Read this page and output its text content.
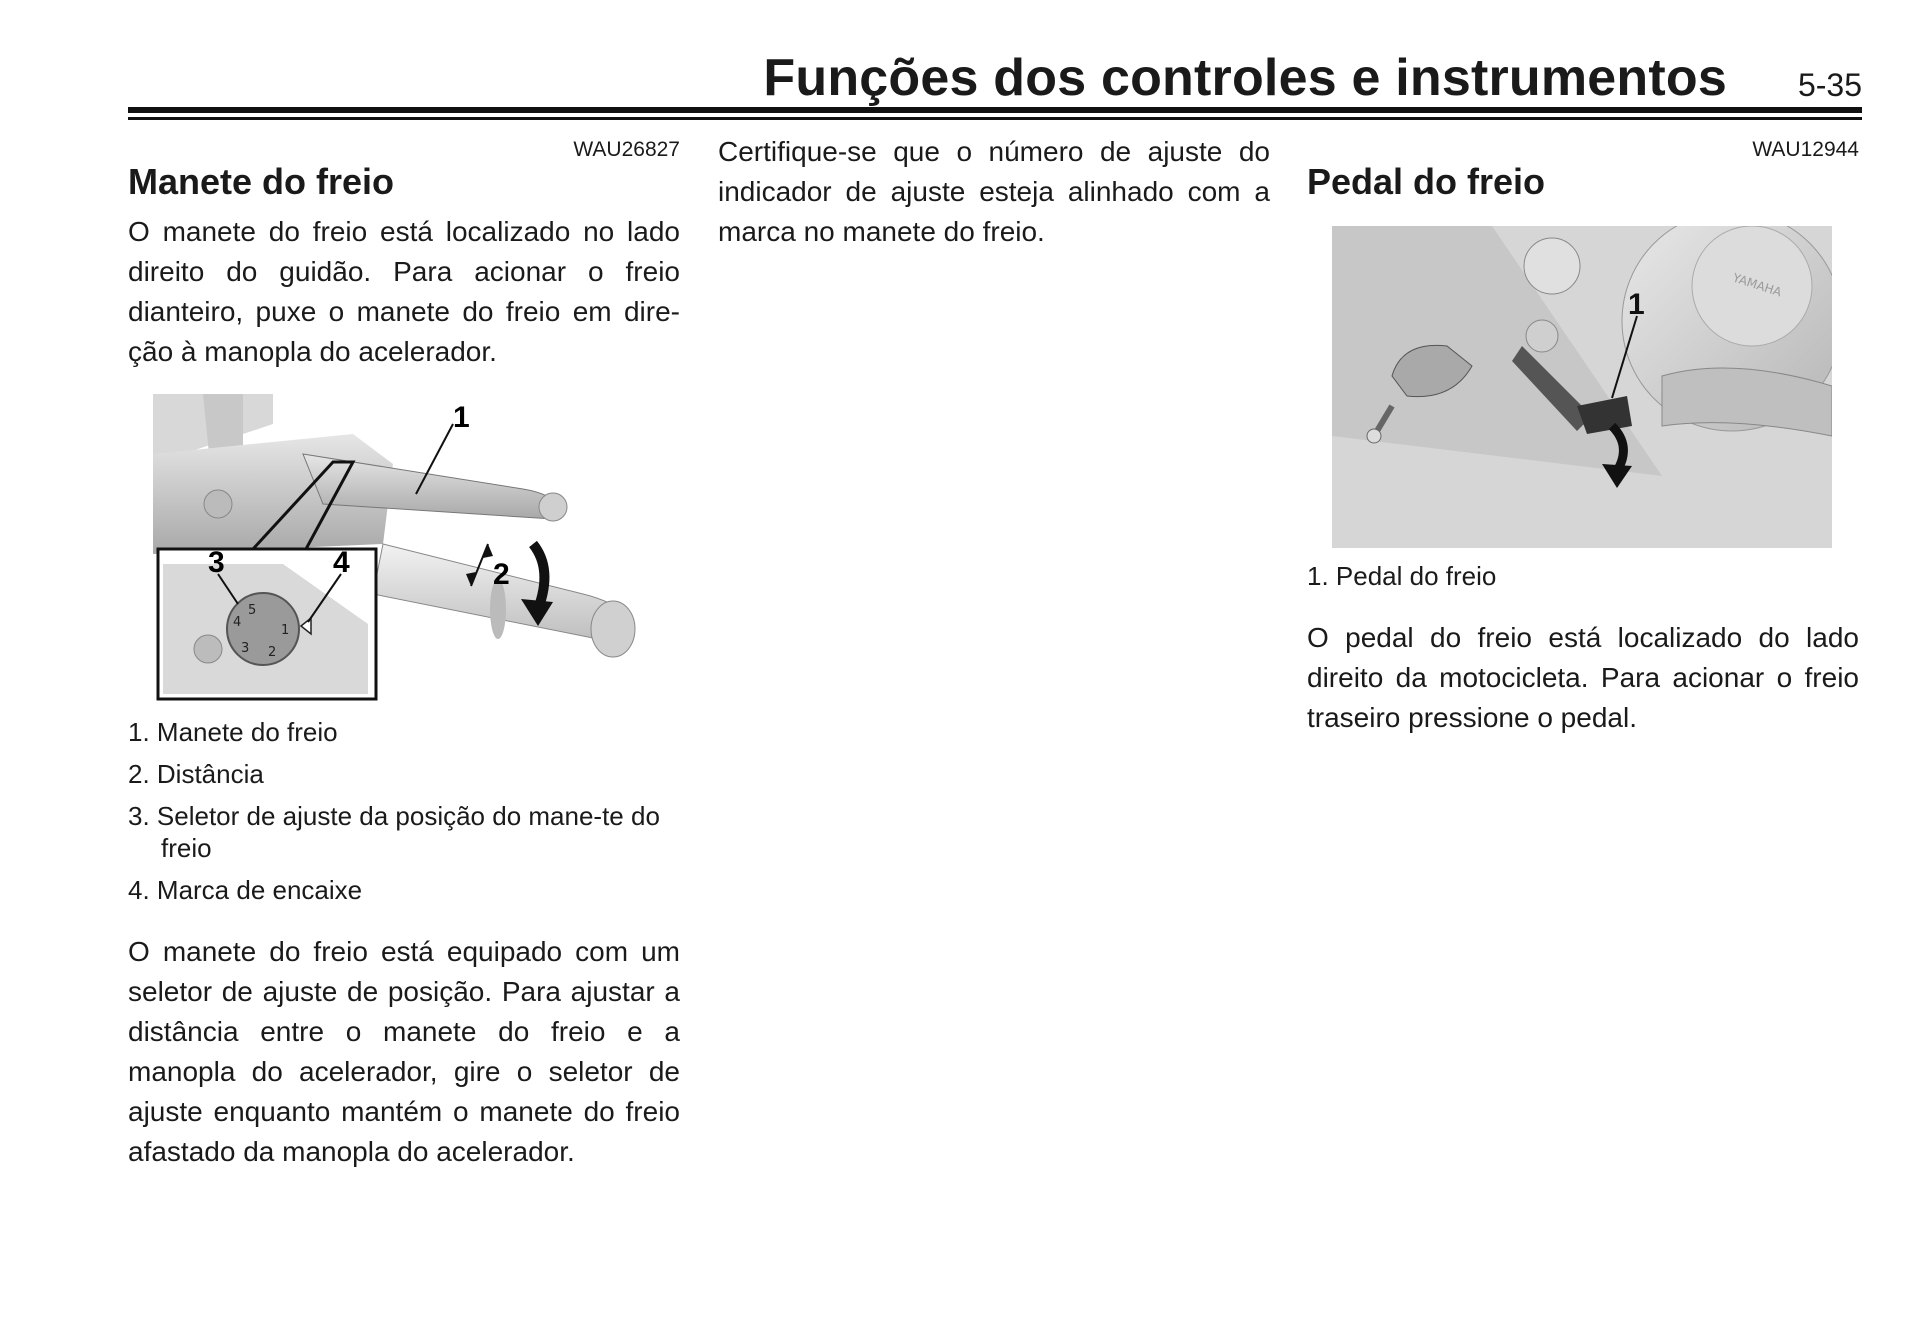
Funções dos controles e instrumentos 5-35
WAU26827
Manete do freio

O manete do freio está localizado no lado direito do guidão. Para acionar o freio dianteiro, puxe o manete do freio em dire-ção à manopla do acelerador.

5
1
2
3
4
1
2
3	4
1. Manete do freio
2. Distância
3. Seletor de ajuste da posição do mane-te do freio
4. Marca de encaixe

O manete do freio está equipado com um seletor de ajuste de posição. Para ajustar a distância entre o manete do freio e a manopla do acelerador, gire o seletor de ajuste enquanto mantém o manete do freio afastado da manopla do acelerador.

Certifique-se que o número de ajuste do indicador de ajuste esteja alinhado com a marca no manete do freio.

WAU12944
Pedal do freio
YAMAHA
1
1. Pedal do freio

O pedal do freio está localizado do lado direito da motocicleta. Para acionar o freio traseiro pressione o pedal.
